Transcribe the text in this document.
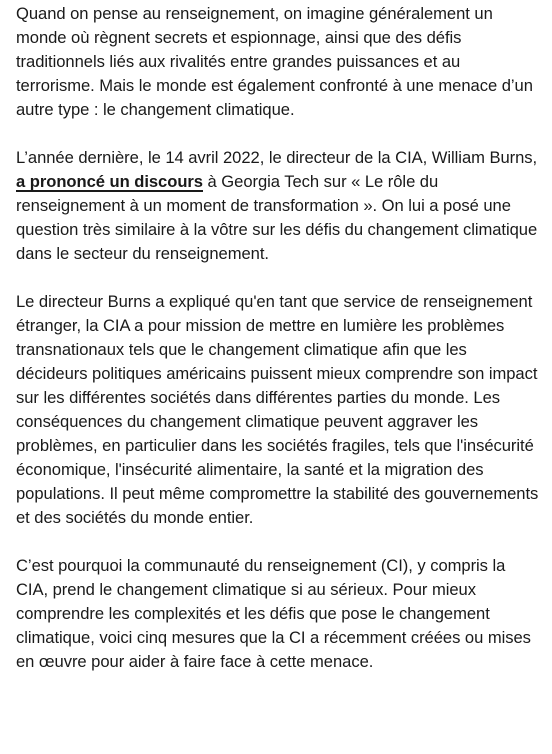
Quand on pense au renseignement, on imagine généralement un monde où règnent secrets et espionnage, ainsi que des défis traditionnels liés aux rivalités entre grandes puissances et au terrorisme. Mais le monde est également confronté à une menace d’un autre type : le changement climatique.

L’année dernière, le 14 avril 2022, le directeur de la CIA, William Burns, a prononcé un discours à Georgia Tech sur « Le rôle du renseignement à un moment de transformation ». On lui a posé une question très similaire à la vôtre sur les défis du changement climatique dans le secteur du renseignement.

Le directeur Burns a expliqué qu'en tant que service de renseignement étranger, la CIA a pour mission de mettre en lumière les problèmes transnationaux tels que le changement climatique afin que les décideurs politiques américains puissent mieux comprendre son impact sur les différentes sociétés dans différentes parties du monde. Les conséquences du changement climatique peuvent aggraver les problèmes, en particulier dans les sociétés fragiles, tels que l'insécurité économique, l'insécurité alimentaire, la santé et la migration des populations. Il peut même compromettre la stabilité des gouvernements et des sociétés du monde entier.

C’est pourquoi la communauté du renseignement (CI), y compris la CIA, prend le changement climatique si au sérieux. Pour mieux comprendre les complexités et les défis que pose le changement climatique, voici cinq mesures que la CI a récemment créées ou mises en œuvre pour aider à faire face à cette menace.
